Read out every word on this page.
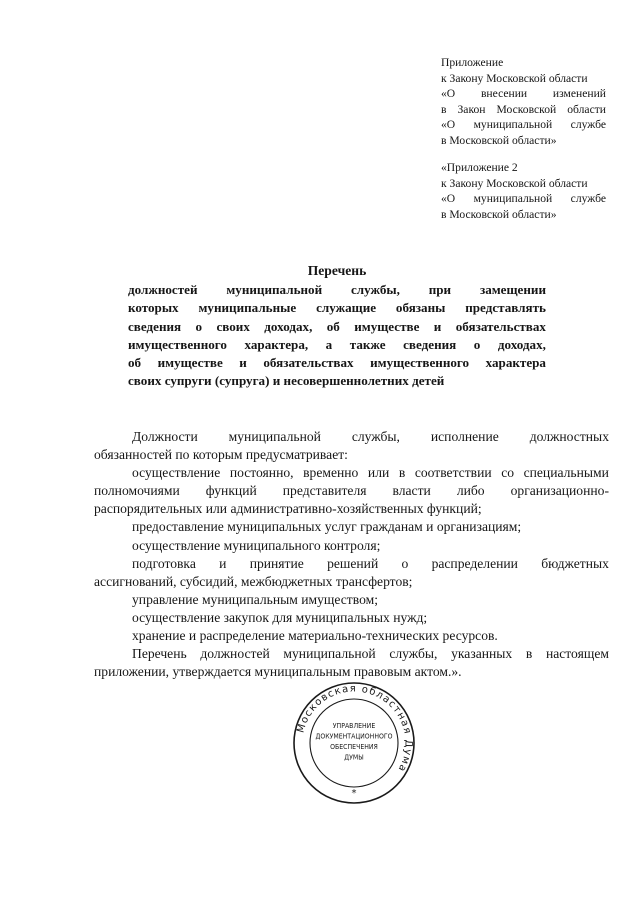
Приложение
к Закону Московской области
«О внесении изменений
в Закон Московской области
«О муниципальной службе
в Московской области»
«Приложение 2
к Закону Московской области
«О муниципальной службе
в Московской области»
Перечень
должностей муниципальной службы, при замещении
которых муниципальные служащие обязаны представлять
сведения о своих доходах, об имуществе и обязательствах
имущественного характера, а также сведения о доходах,
об имуществе и обязательствах имущественного характера
своих супруги (супруга) и несовершеннолетних детей
Должности муниципальной службы, исполнение должностных
обязанностей по которым предусматривает:
осуществление постоянно, временно или в соответствии со специальными
полномочиями функций представителя власти либо организационно-
распорядительных или административно-хозяйственных функций;
предоставление муниципальных услуг гражданам и организациям;
осуществление муниципального контроля;
подготовка и принятие решений о распределении бюджетных
ассигнований, субсидий, межбюджетных трансфертов;
управление муниципальным имуществом;
осуществление закупок для муниципальных нужд;
хранение и распределение материально-технических ресурсов.
Перечень должностей муниципальной службы, указанных в настоящем
приложении, утверждается муниципальным правовым актом.».
Московская областная Дума
УПРАВЛЕНИЕ
ДОКУМЕНТАЦИОННОГО
ОБЕСПЕЧЕНИЯ
ДУМЫ
*
